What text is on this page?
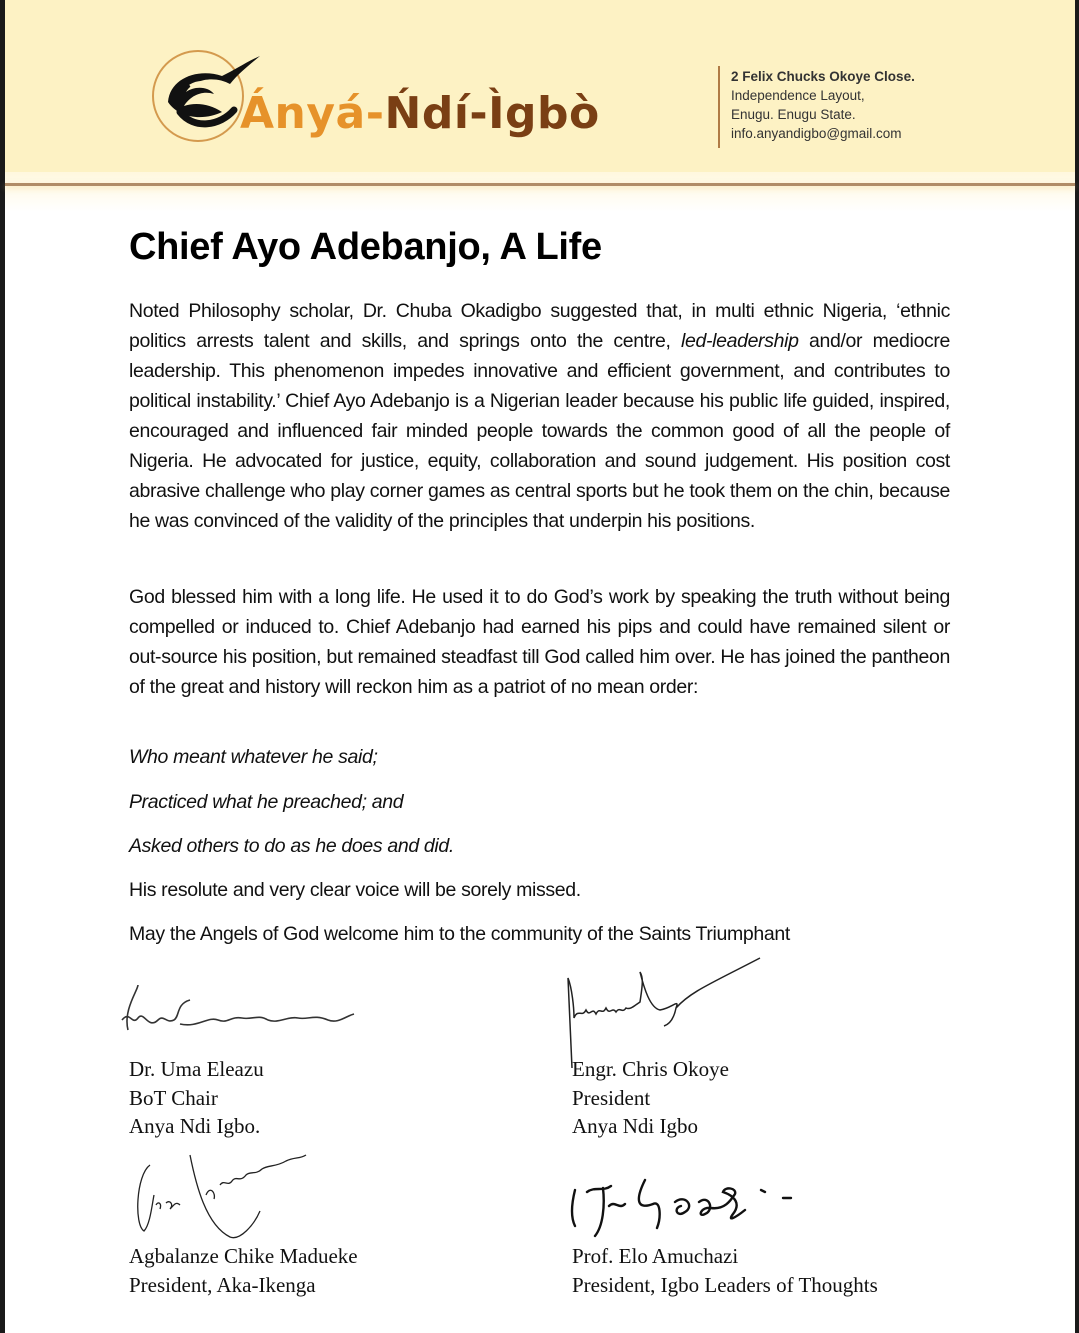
Ányá-Ńdí-Ìgbò
2 Felix Chucks Okoye Close.
Independence Layout,
Enugu. Enugu State.
info.anyandigbo@gmail.com
Chief Ayo Adebanjo, A Life
Noted Philosophy scholar, Dr. Chuba Okadigbo suggested that, in multi ethnic Nigeria, ‘ethnic politics arrests talent and skills, and springs onto the centre, led-leadership and/or mediocre leadership. This phenomenon impedes innovative and efficient government, and contributes to political instability.’ Chief Ayo Adebanjo is a Nigerian leader because his public life guided, inspired, encouraged and influenced fair minded people towards the common good of all the people of Nigeria. He advocated for justice, equity, collaboration and sound judgement. His position cost abrasive challenge who play corner games as central sports but he took them on the chin, because he was convinced of the validity of the principles that underpin his positions.
God blessed him with a long life. He used it to do God’s work by speaking the truth without being compelled or induced to. Chief Adebanjo had earned his pips and could have remained silent or out-source his position, but remained steadfast till God called him over. He has joined the pantheon of the great and history will reckon him as a patriot of no mean order:
Who meant whatever he said;
Practiced what he preached; and
Asked others to do as he does and did.
His resolute and very clear voice will be sorely missed.
May the Angels of God welcome him to the community of the Saints Triumphant
Dr. Uma Eleazu
BoT Chair
Anya Ndi Igbo.
Engr. Chris Okoye
President
Anya Ndi Igbo
Agbalanze Chike Madueke
President, Aka-Ikenga
Prof. Elo Amuchazi
President, Igbo Leaders of Thoughts
